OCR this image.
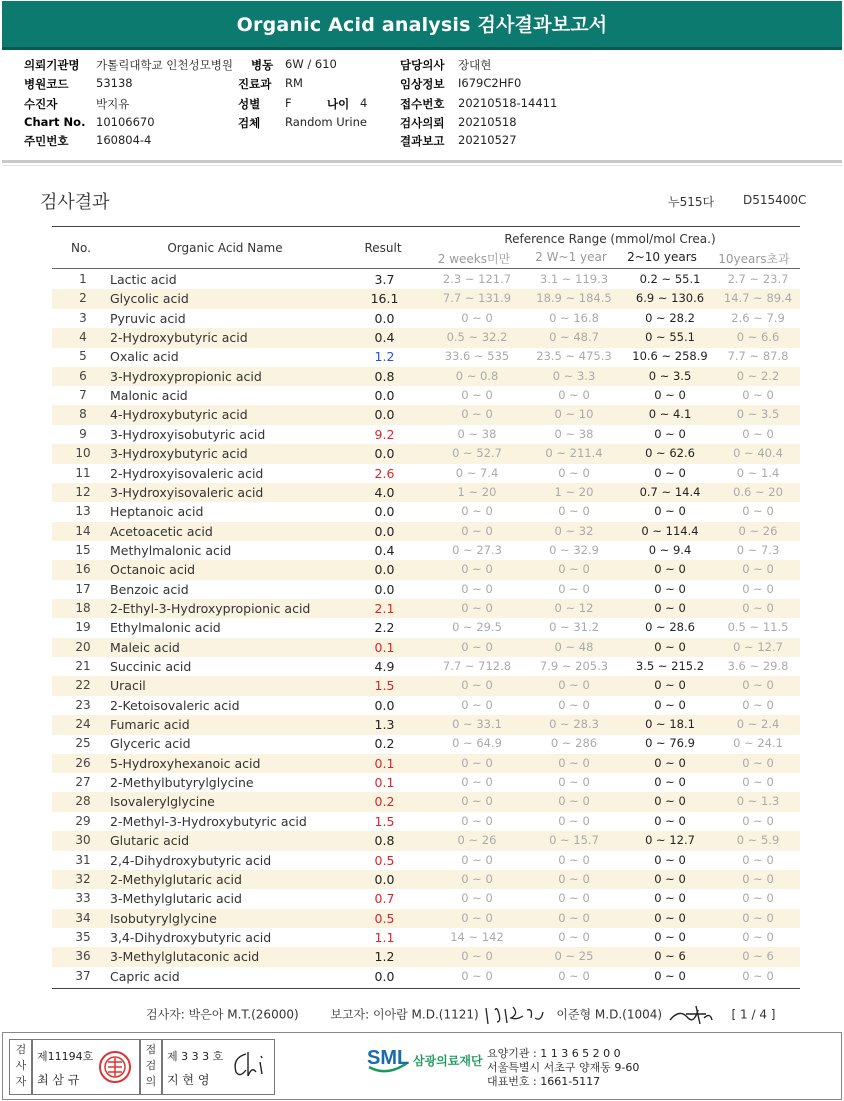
Organic Acid analysis 검사결과보고서
의뢰기관명 가톨릭대학교 인천성모병원
병원코드 53138
수진자	박지유
Chart No. 10106670
주민번호 160804-4
병동 6W / 610
진료과 RM
성별 F	나이 4
검체 Random Urine
담당의사 장대현
임상정보 I679C2HF0
접수번호 20210518-14411
검사의뢰 20210518
결과보고 20210527
검사결과	누515다 D515400C
No.	Organic Acid Name	Result
Reference Range (mmol/mol Crea.)
2 weeks미만	2 W~1 year	2~10 years	10years초과
1	Lactic acid	3.7	2.3 ~ 121.7	3.1 ~ 119.3	0.2 ~ 55.1	2.7 ~ 23.7
2	Glycolic acid	16.1	7.7 ~ 131.9	18.9 ~ 184.5	6.9 ~ 130.6	14.7 ~ 89.4
3	Pyruvic acid	0.0	0 ~ 0	0 ~ 16.8	0 ~ 28.2	2.6 ~ 7.9
4	2-Hydroxybutyric acid	0.4	0.5 ~ 32.2	0 ~ 48.7	0 ~ 55.1	0 ~ 6.6
5	Oxalic acid	1.2	33.6 ~ 535	23.5 ~ 475.3	10.6 ~ 258.9	7.7 ~ 87.8
6	3-Hydroxypropionic acid	0.8	0 ~ 0.8	0 ~ 3.3	0 ~ 3.5	0 ~ 2.2
7	Malonic acid	0.0	0 ~ 0	0 ~ 0	0 ~ 0	0 ~ 0
8	4-Hydroxybutyric acid	0.0	0 ~ 0	0 ~ 10	0 ~ 4.1	0 ~ 3.5
9	3-Hydroxyisobutyric acid	9.2	0 ~ 38	0 ~ 38	0 ~ 0	0 ~ 0
10	3-Hydroxybutyric acid	0.0	0 ~ 52.7	0 ~ 211.4	0 ~ 62.6	0 ~ 40.4
11	2-Hydroxyisovaleric acid	2.6	0 ~ 7.4	0 ~ 0	0 ~ 0	0 ~ 1.4
12	3-Hydroxyisovaleric acid	4.0	1 ~ 20	1 ~ 20	0.7 ~ 14.4	0.6 ~ 20
13	Heptanoic acid	0.0	0 ~ 0	0 ~ 0	0 ~ 0	0 ~ 0
14	Acetoacetic acid	0.0	0 ~ 0	0 ~ 32	0 ~ 114.4	0 ~ 26
15	Methylmalonic acid	0.4	0 ~ 27.3	0 ~ 32.9	0 ~ 9.4	0 ~ 7.3
16	Octanoic acid	0.0	0 ~ 0	0 ~ 0	0 ~ 0	0 ~ 0
17	Benzoic acid	0.0	0 ~ 0	0 ~ 0	0 ~ 0	0 ~ 0
18	2-Ethyl-3-Hydroxypropionic acid	2.1	0 ~ 0	0 ~ 12	0 ~ 0	0 ~ 0
19	Ethylmalonic acid	2.2	0 ~ 29.5	0 ~ 31.2	0 ~ 28.6	0.5 ~ 11.5
20	Maleic acid	0.1	0 ~ 0	0 ~ 48	0 ~ 0	0 ~ 12.7
21	Succinic acid	4.9	7.7 ~ 712.8	7.9 ~ 205.3	3.5 ~ 215.2	3.6 ~ 29.8
22	Uracil	1.5	0 ~ 0	0 ~ 0	0 ~ 0	0 ~ 0
23	2-Ketoisovaleric acid	0.0	0 ~ 0	0 ~ 0	0 ~ 0	0 ~ 0
24	Fumaric acid	1.3	0 ~ 33.1	0 ~ 28.3	0 ~ 18.1	0 ~ 2.4
25	Glyceric acid	0.2	0 ~ 64.9	0 ~ 286	0 ~ 76.9	0 ~ 24.1
26	5-Hydroxyhexanoic acid	0.1	0 ~ 0	0 ~ 0	0 ~ 0	0 ~ 0
27	2-Methylbutyrylglycine	0.1	0 ~ 0	0 ~ 0	0 ~ 0	0 ~ 0
28	Isovalerylglycine	0.2	0 ~ 0	0 ~ 0	0 ~ 0	0 ~ 1.3
29	2-Methyl-3-Hydroxybutyric acid	1.5	0 ~ 0	0 ~ 0	0 ~ 0	0 ~ 0
30	Glutaric acid	0.8	0 ~ 26	0 ~ 15.7	0 ~ 12.7	0 ~ 5.9
31	2,4-Dihydroxybutyric acid	0.5	0 ~ 0	0 ~ 0	0 ~ 0	0 ~ 0
32	2-Methylglutaric acid	0.0	0 ~ 0	0 ~ 0	0 ~ 0	0 ~ 0
33	3-Methylglutaric acid	0.7	0 ~ 0	0 ~ 0	0 ~ 0	0 ~ 0
34	Isobutyrylglycine	0.5	0 ~ 0	0 ~ 0	0 ~ 0	0 ~ 0
35	3,4-Dihydroxybutyric acid	1.1	14 ~ 142	0 ~ 0	0 ~ 0	0 ~ 0
36	3-Methylglutaconic acid	1.2	0 ~ 0	0 ~ 25	0 ~ 6	0 ~ 6
37	Capric acid	0.0	0 ~ 0	0 ~ 0	0 ~ 0	0 ~ 0
검사자: 박은아 M.T.(26000)	보고자: 이아람 M.D.(1121)	이준형 M.D.(1004)	[ 1 / 4 ]
검
사
자
제11194호
최 삼 규
점
검
의
제 3 3 3 호
지 현 영
SML 삼광의료재단
요양기관 : 1 1 3 6 5 2 0 0
서울특별시 서초구 양재동 9-60
대표번호 : 1661-5117
